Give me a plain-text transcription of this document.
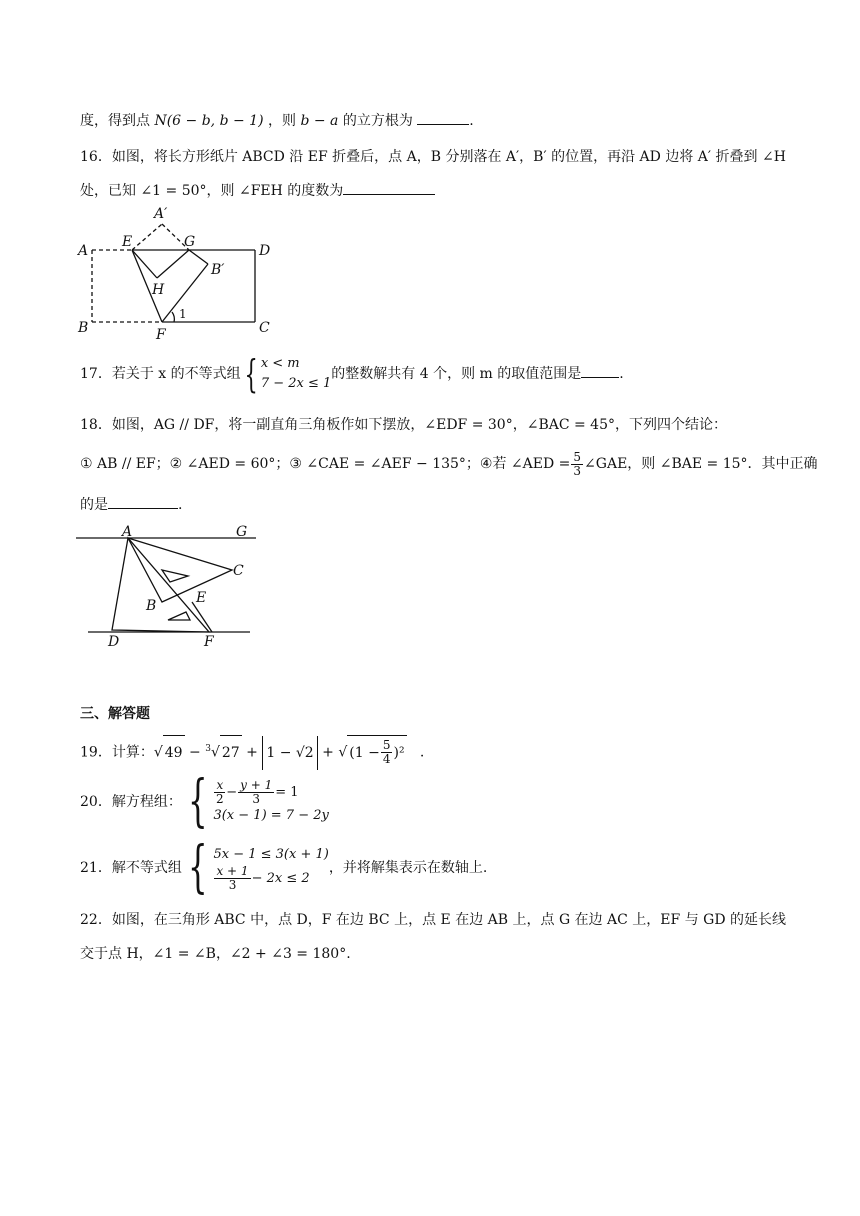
度，得到点 N(6 − b, b − 1) ，则 b − a 的立方根为	.
16．如图，将长方形纸片 ABCD 沿 EF 折叠后，点 A，B 分别落在 A′，B′ 的位置，再沿 AD 边将 A′ 折叠到 ∠H
处，已知 ∠1 = 50°，则 ∠FEH 的度数为
A
A′
E	G
D
H
B′
B	F
1
C
17．若关于 x 的不等式组{ x < m
7 − 2x ≤ 1
的整数解共有 4 个，则 m 的取值范围是	.
18．如图，AG // DF，将一副直角三角板作如下摆放，∠EDF = 30°，∠BAC = 45°，下列四个结论：
① AB // EF；② ∠AED = 60°；③ ∠CAE = ∠AEF − 135°；④若 ∠AED = $\frac{5}{3}$ ∠GAE，则 ∠BAE = 15°．其中正确
的是	.
A	G
C
B	E
D	F
三、解答题
19．计算：√ 49 − $^3$√ 27 + 1 − √2 + √ $(1 - \frac{5}{4} )^2$ .
20．解方程组： { $\frac{x}{2} - \frac{y + 1}{3} = 1$
3(x − 1) = 7 − 2y
21．解不等式组 { 5x − 1 ≤ 3(x + 1)
$\frac{x + 1}{3} - 2x \le 2$
，并将解集表示在数轴上.
22．如图，在三角形 ABC 中，点 D，F 在边 BC 上，点 E 在边 AB 上，点 G 在边 AC 上，EF 与 GD 的延长线
交于点 H，∠1 = ∠B，∠2 + ∠3 = 180°.
